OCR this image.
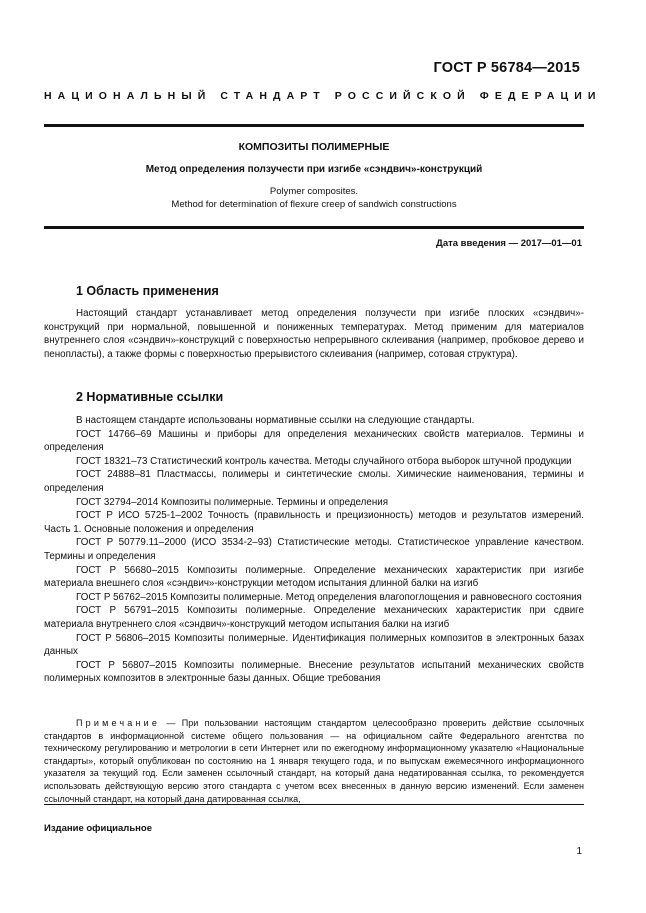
ГОСТ Р 56784—2015
НАЦИОНАЛЬНЫЙ СТАНДАРТ РОССИЙСКОЙ ФЕДЕРАЦИИ
КОМПОЗИТЫ ПОЛИМЕРНЫЕ
Метод определения ползучести при изгибе «сэндвич»-конструкций
Polymer composites.
Method for determination of flexure creep of sandwich constructions
Дата введения — 2017—01—01
1 Область применения

Настоящий стандарт устанавливает метод определения ползучести при изгибе плоских «сэндвич»-конструкций при нормальной, повышенной и пониженных температурах. Метод применим для материалов внутреннего слоя «сэндвич»-конструкций с поверхностью непрерывного склеивания (например, пробковое дерево и пенопласты), а также формы с поверхностью прерывистого склеивания (например, сотовая структура).

2 Нормативные ссылки

В настоящем стандарте использованы нормативные ссылки на следующие стандарты.

ГОСТ 14766–69 Машины и приборы для определения механических свойств материалов. Термины и определения

ГОСТ 18321–73 Статистический контроль качества. Методы случайного отбора выборок штучной продукции

ГОСТ 24888–81 Пластмассы, полимеры и синтетические смолы. Химические наименования, термины и определения

ГОСТ 32794–2014 Композиты полимерные. Термины и определения

ГОСТ Р ИСО 5725-1–2002 Точность (правильность и прецизионность) методов и результатов измерений. Часть 1. Основные положения и определения

ГОСТ Р 50779.11–2000 (ИСО 3534-2–93) Статистические методы. Статистическое управление качеством. Термины и определения

ГОСТ Р 56680–2015 Композиты полимерные. Определение механических характеристик при изгибе материала внешнего слоя «сэндвич»-конструкции методом испытания длинной балки на изгиб

ГОСТ Р 56762–2015 Композиты полимерные. Метод определения влагопоглощения и равновесного состояния

ГОСТ Р 56791–2015 Композиты полимерные. Определение механических характеристик при сдвиге материала внутреннего слоя «сэндвич»-конструкций методом испытания балки на изгиб

ГОСТ Р 56806–2015 Композиты полимерные. Идентификация полимерных композитов в электронных базах данных

ГОСТ Р 56807–2015 Композиты полимерные. Внесение результатов испытаний механических свойств полимерных композитов в электронные базы данных. Общие требования

Примечание — При пользовании настоящим стандартом целесообразно проверить действие ссылочных стандартов в информационной системе общего пользования — на официальном сайте Федерального агентства по техническому регулированию и метрологии в сети Интернет или по ежегодному информационному указателю «Национальные стандарты», который опубликован по состоянию на 1 января текущего года, и по выпускам ежемесячного информационного указателя за текущий год. Если заменен ссылочный стандарт, на который дана недатированная ссылка, то рекомендуется использовать действующую версию этого стандарта с учетом всех внесенных в данную версию изменений. Если заменен ссылочный стандарт, на который дана датированная ссылка,

Издание официальное
1
